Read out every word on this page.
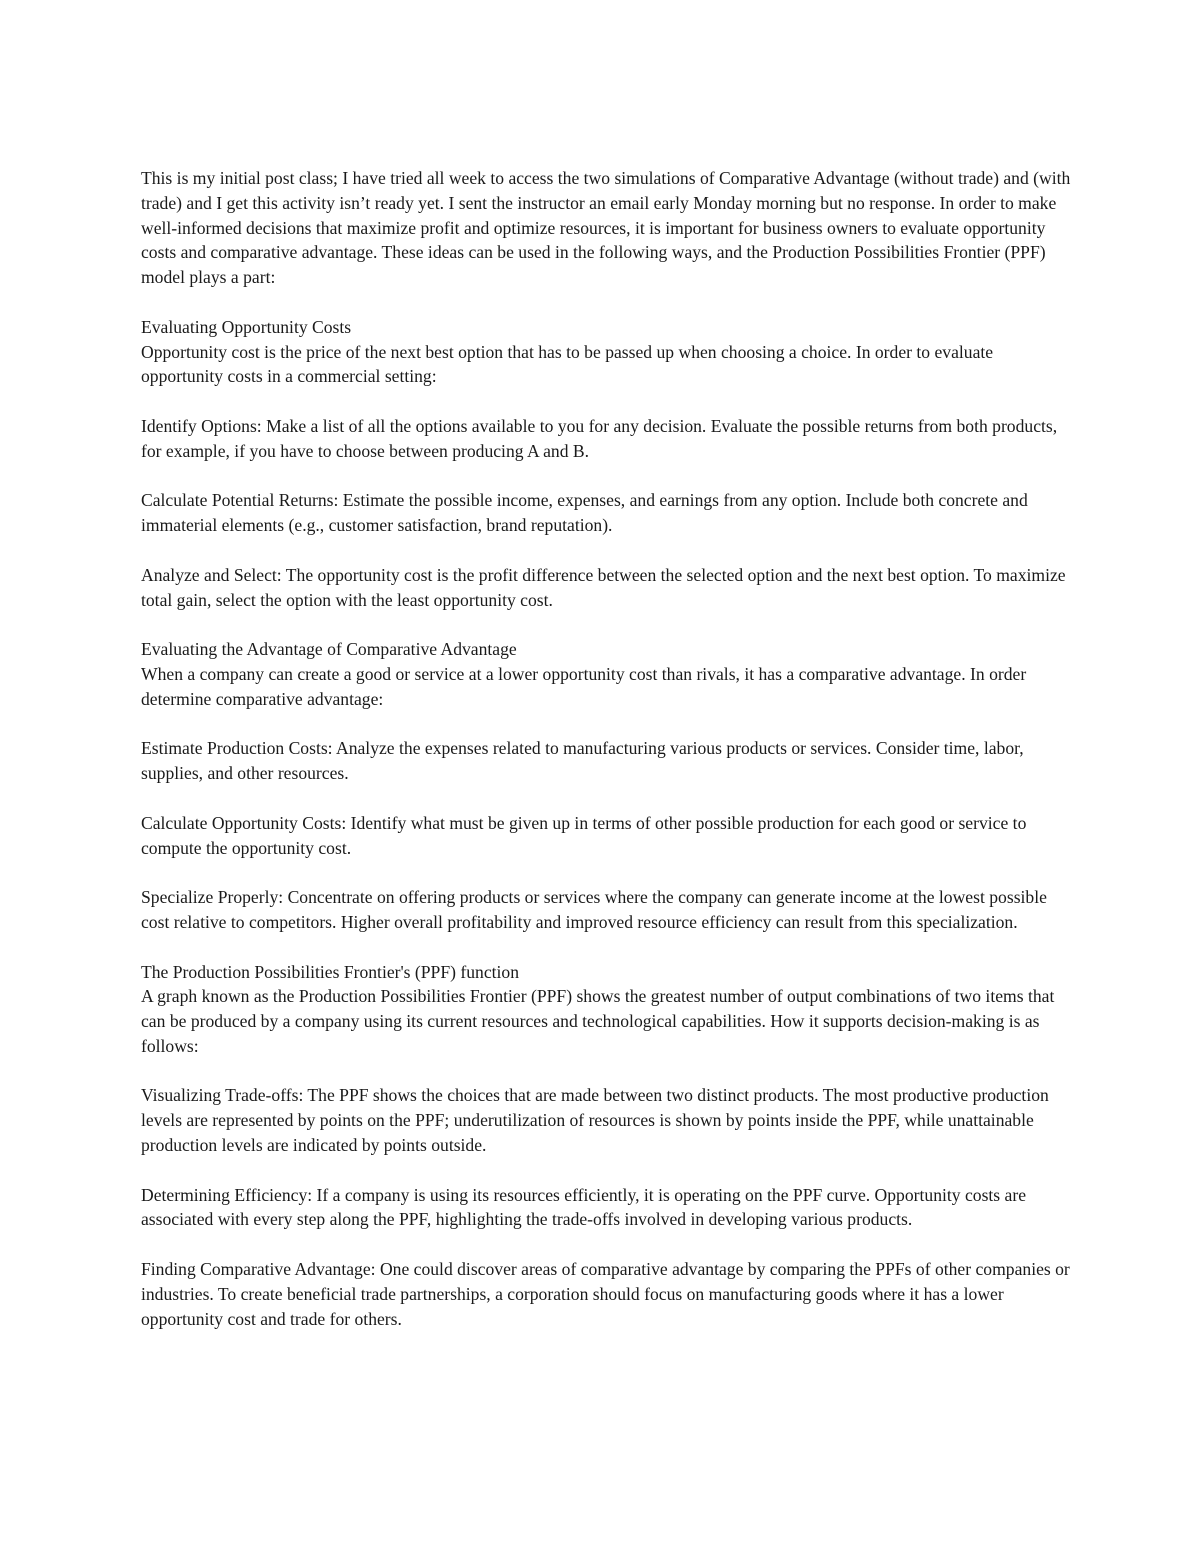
This is my initial post class; I have tried all week to access the two simulations of Comparative Advantage (without trade) and (with trade) and I get this activity isn’t ready yet. I sent the instructor an email early Monday morning but no response. In order to make well-informed decisions that maximize profit and optimize resources, it is important for business owners to evaluate opportunity costs and comparative advantage. These ideas can be used in the following ways, and the Production Possibilities Frontier (PPF) model plays a part:

Evaluating Opportunity Costs

Opportunity cost is the price of the next best option that has to be passed up when choosing a choice. In order to evaluate opportunity costs in a commercial setting:

Identify Options: Make a list of all the options available to you for any decision. Evaluate the possible returns from both products, for example, if you have to choose between producing A and B.

Calculate Potential Returns: Estimate the possible income, expenses, and earnings from any option. Include both concrete and immaterial elements (e.g., customer satisfaction, brand reputation).

Analyze and Select: The opportunity cost is the profit difference between the selected option and the next best option. To maximize total gain, select the option with the least opportunity cost.

Evaluating the Advantage of Comparative Advantage

When a company can create a good or service at a lower opportunity cost than rivals, it has a comparative advantage. In order determine comparative advantage:

Estimate Production Costs: Analyze the expenses related to manufacturing various products or services. Consider time, labor, supplies, and other resources.

Calculate Opportunity Costs: Identify what must be given up in terms of other possible production for each good or service to compute the opportunity cost.

Specialize Properly: Concentrate on offering products or services where the company can generate income at the lowest possible cost relative to competitors. Higher overall profitability and improved resource efficiency can result from this specialization.

The Production Possibilities Frontier's (PPF) function

A graph known as the Production Possibilities Frontier (PPF) shows the greatest number of output combinations of two items that can be produced by a company using its current resources and technological capabilities. How it supports decision-making is as follows:

Visualizing Trade-offs: The PPF shows the choices that are made between two distinct products. The most productive production levels are represented by points on the PPF; underutilization of resources is shown by points inside the PPF, while unattainable production levels are indicated by points outside.

Determining Efficiency: If a company is using its resources efficiently, it is operating on the PPF curve. Opportunity costs are associated with every step along the PPF, highlighting the trade-offs involved in developing various products.

Finding Comparative Advantage: One could discover areas of comparative advantage by comparing the PPFs of other companies or industries. To create beneficial trade partnerships, a corporation should focus on manufacturing goods where it has a lower opportunity cost and trade for others.
